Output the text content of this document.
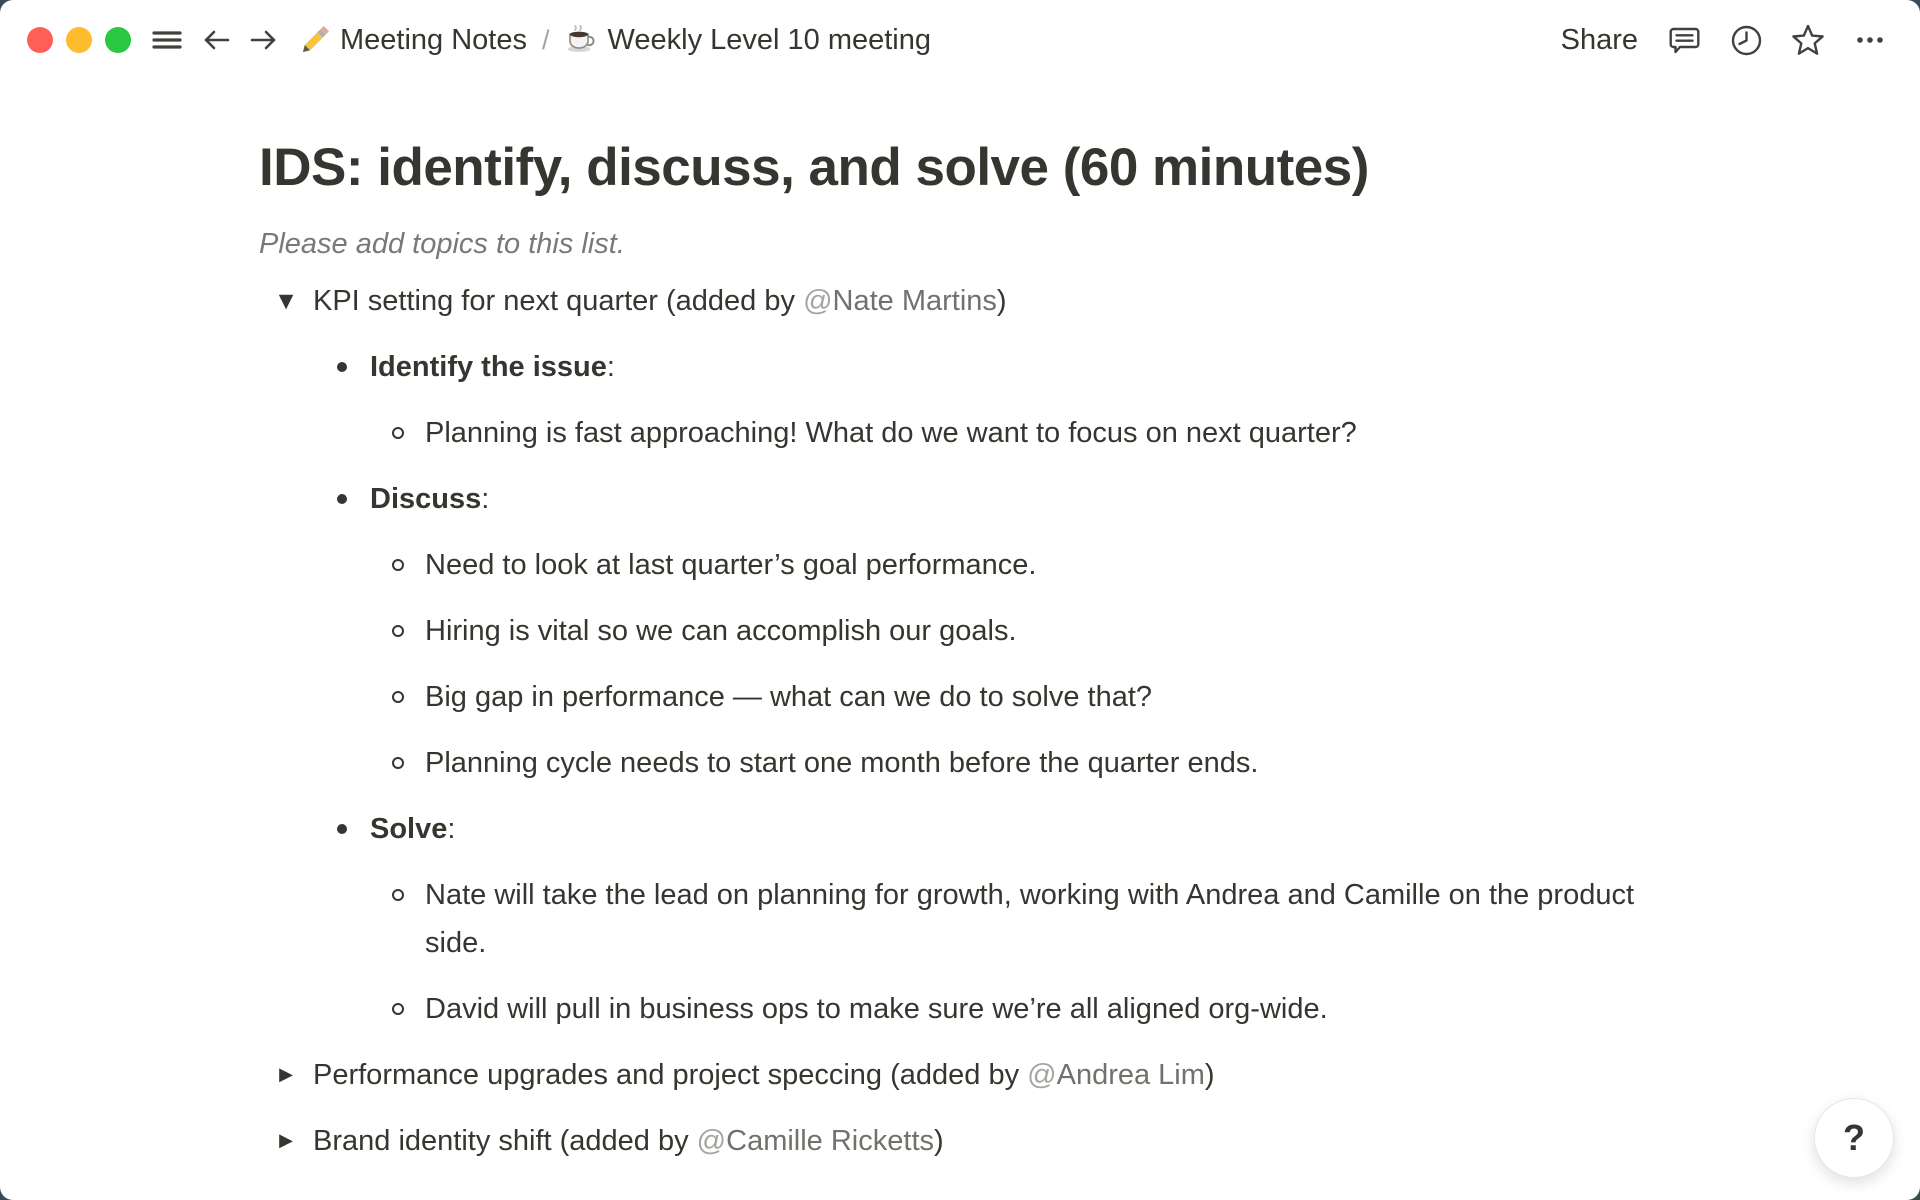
Meeting Notes / Weekly Level 10 meeting	Share
IDS: identify, discuss, and solve (60 minutes)
Please add topics to this list.
▼ KPI setting for next quarter (added by @Nate Martins)
Identify the issue:
Planning is fast approaching! What do we want to focus on next quarter?
Discuss:
Need to look at last quarter’s goal performance.
Hiring is vital so we can accomplish our goals.
Big gap in performance — what can we do to solve that?
Planning cycle needs to start one month before the quarter ends.
Solve:
Nate will take the lead on planning for growth, working with Andrea and Camille on the product side.
David will pull in business ops to make sure we’re all aligned org-wide.
▶ Performance upgrades and project speccing (added by @Andrea Lim)
▶ Brand identity shift (added by @Camille Ricketts)	?
